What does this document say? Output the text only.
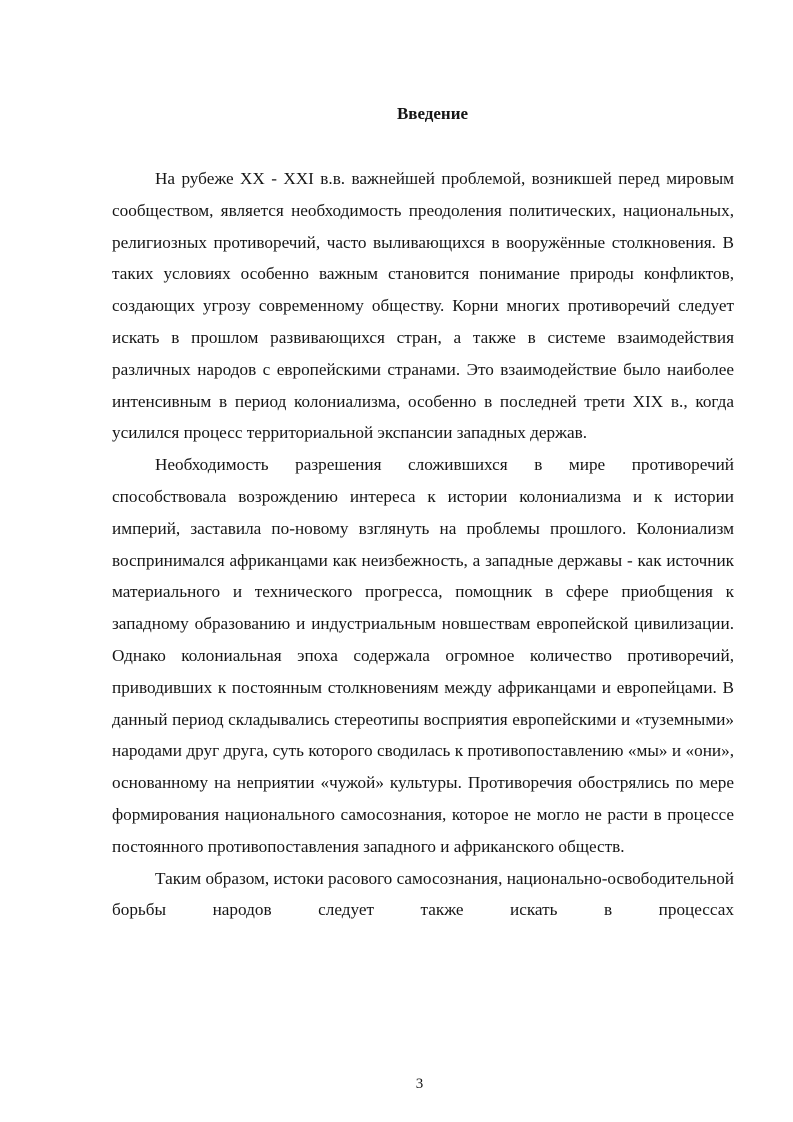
Введение

На рубеже XX - XXI в.в. важнейшей проблемой, возникшей перед мировым сообществом, является необходимость преодоления политических, национальных, религиозных противоречий, часто выливающихся в вооружённые столкновения. В таких условиях особенно важным становится понимание природы конфликтов, создающих угрозу современному обществу. Корни многих противоречий следует искать в прошлом развивающихся стран, а также в системе взаимодействия различных народов с европейскими странами. Это взаимодействие было наиболее интенсивным в период колониализма, особенно в последней трети XIX в., когда усилился процесс территориальной экспансии западных держав.

Необходимость разрешения сложившихся в мире противоречий способствовала возрождению интереса к истории колониализма и к истории империй, заставила по-новому взглянуть на проблемы прошлого. Колониализм воспринимался африканцами как неизбежность, а западные державы - как источник материального и технического прогресса, помощник в сфере приобщения к западному образованию и индустриальным новшествам европейской цивилизации. Однако колониальная эпоха содержала огромное количество противоречий, приводивших к постоянным столкновениям между африканцами и европейцами. В данный период складывались стереотипы восприятия европейскими и «туземными» народами друг друга, суть которого сводилась к противопоставлению «мы» и «они», основанному на неприятии «чужой» культуры. Противоречия обострялись по мере формирования национального самосознания, которое не могло не расти в процессе постоянного противопоставления западного и африканского обществ.

Таким образом, истоки расового самосознания, национально-освободительной борьбы народов следует также искать в процессах

3
